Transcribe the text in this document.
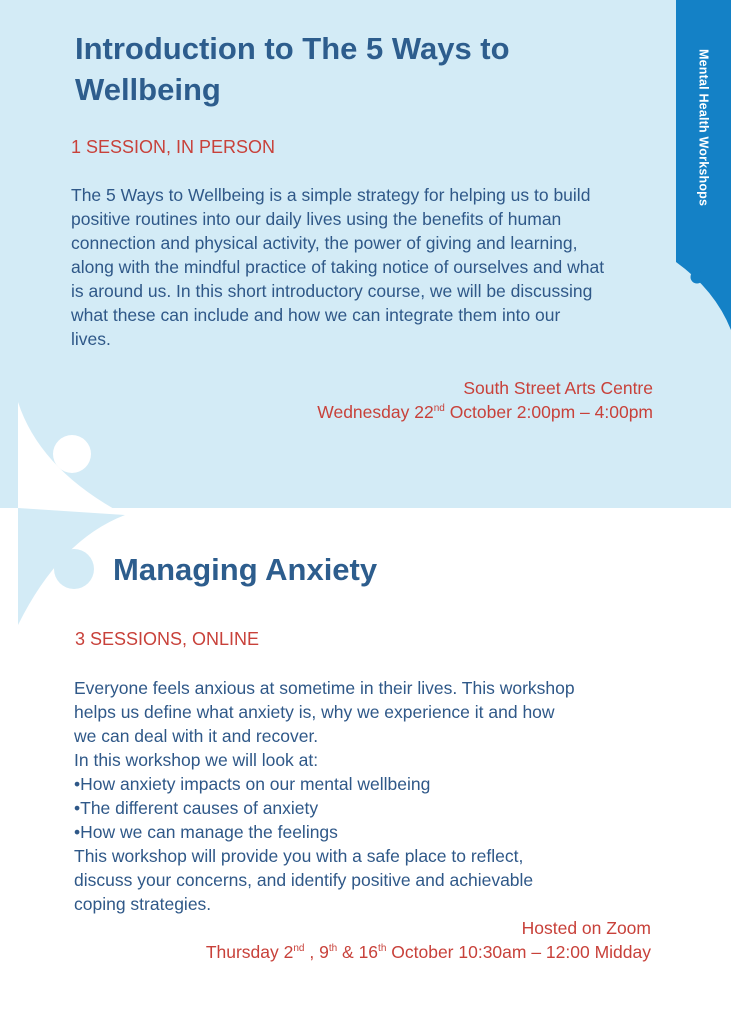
Mental Health Workshops
Introduction to The 5 Ways to
Wellbeing
1 SESSION, IN PERSON
The 5 Ways to Wellbeing is a simple strategy for helping us to build
positive routines into our daily lives using the benefits of human
connection and physical activity, the power of giving and learning,
along with the mindful practice of taking notice of ourselves and what
is around us. In this short introductory course, we will be discussing
what these can include and how we can integrate them into our
lives.
South Street Arts Centre
Wednesday 22nd October 2:00pm – 4:00pm
Managing Anxiety
3 SESSIONS, ONLINE
Everyone feels anxious at sometime in their lives. This workshop
helps us define what anxiety is, why we experience it and how
we can deal with it and recover.
In this workshop we will look at:
•How anxiety impacts on our mental wellbeing
•The different causes of anxiety
•How we can manage the feelings
This workshop will provide you with a safe place to reflect,
discuss your concerns, and identify positive and achievable
coping strategies.
Hosted on Zoom
Thursday 2nd , 9th & 16th October 10:30am – 12:00 Midday
